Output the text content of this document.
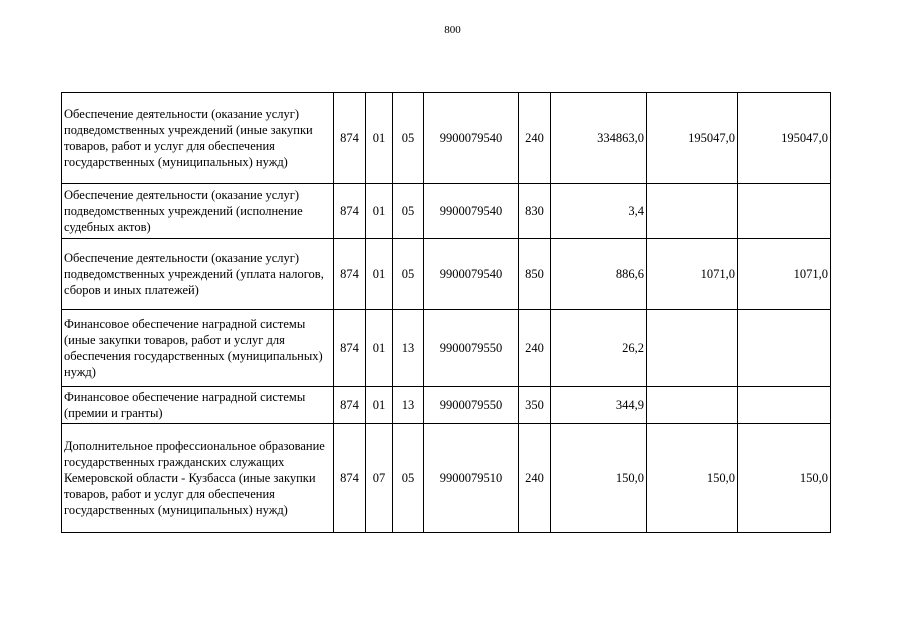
800
Обеспечение деятельности (оказание услуг) подведомственных учреждений (иные закупки товаров, работ и услуг для обеспечения государственных (муниципальных) нужд)	874	01	05	9900079540	240	334863,0	195047,0	195047,0
Обеспечение деятельности (оказание услуг) подведомственных учреждений (исполнение судебных актов)	874	01	05	9900079540	830	3,4		
Обеспечение деятельности (оказание услуг) подведомственных учреждений (уплата налогов, сборов и иных платежей)	874	01	05	9900079540	850	886,6	1071,0	1071,0
Финансовое обеспечение наградной системы (иные закупки товаров, работ и услуг для обеспечения государственных (муниципальных) нужд)	874	01	13	9900079550	240	26,2		
Финансовое обеспечение наградной системы (премии и гранты)	874	01	13	9900079550	350	344,9		
Дополнительное профессиональное образование государственных гражданских служащих Кемеровской области - Кузбасса (иные закупки товаров, работ и услуг для обеспечения государственных (муниципальных) нужд)	874	07	05	9900079510	240	150,0	150,0	150,0
